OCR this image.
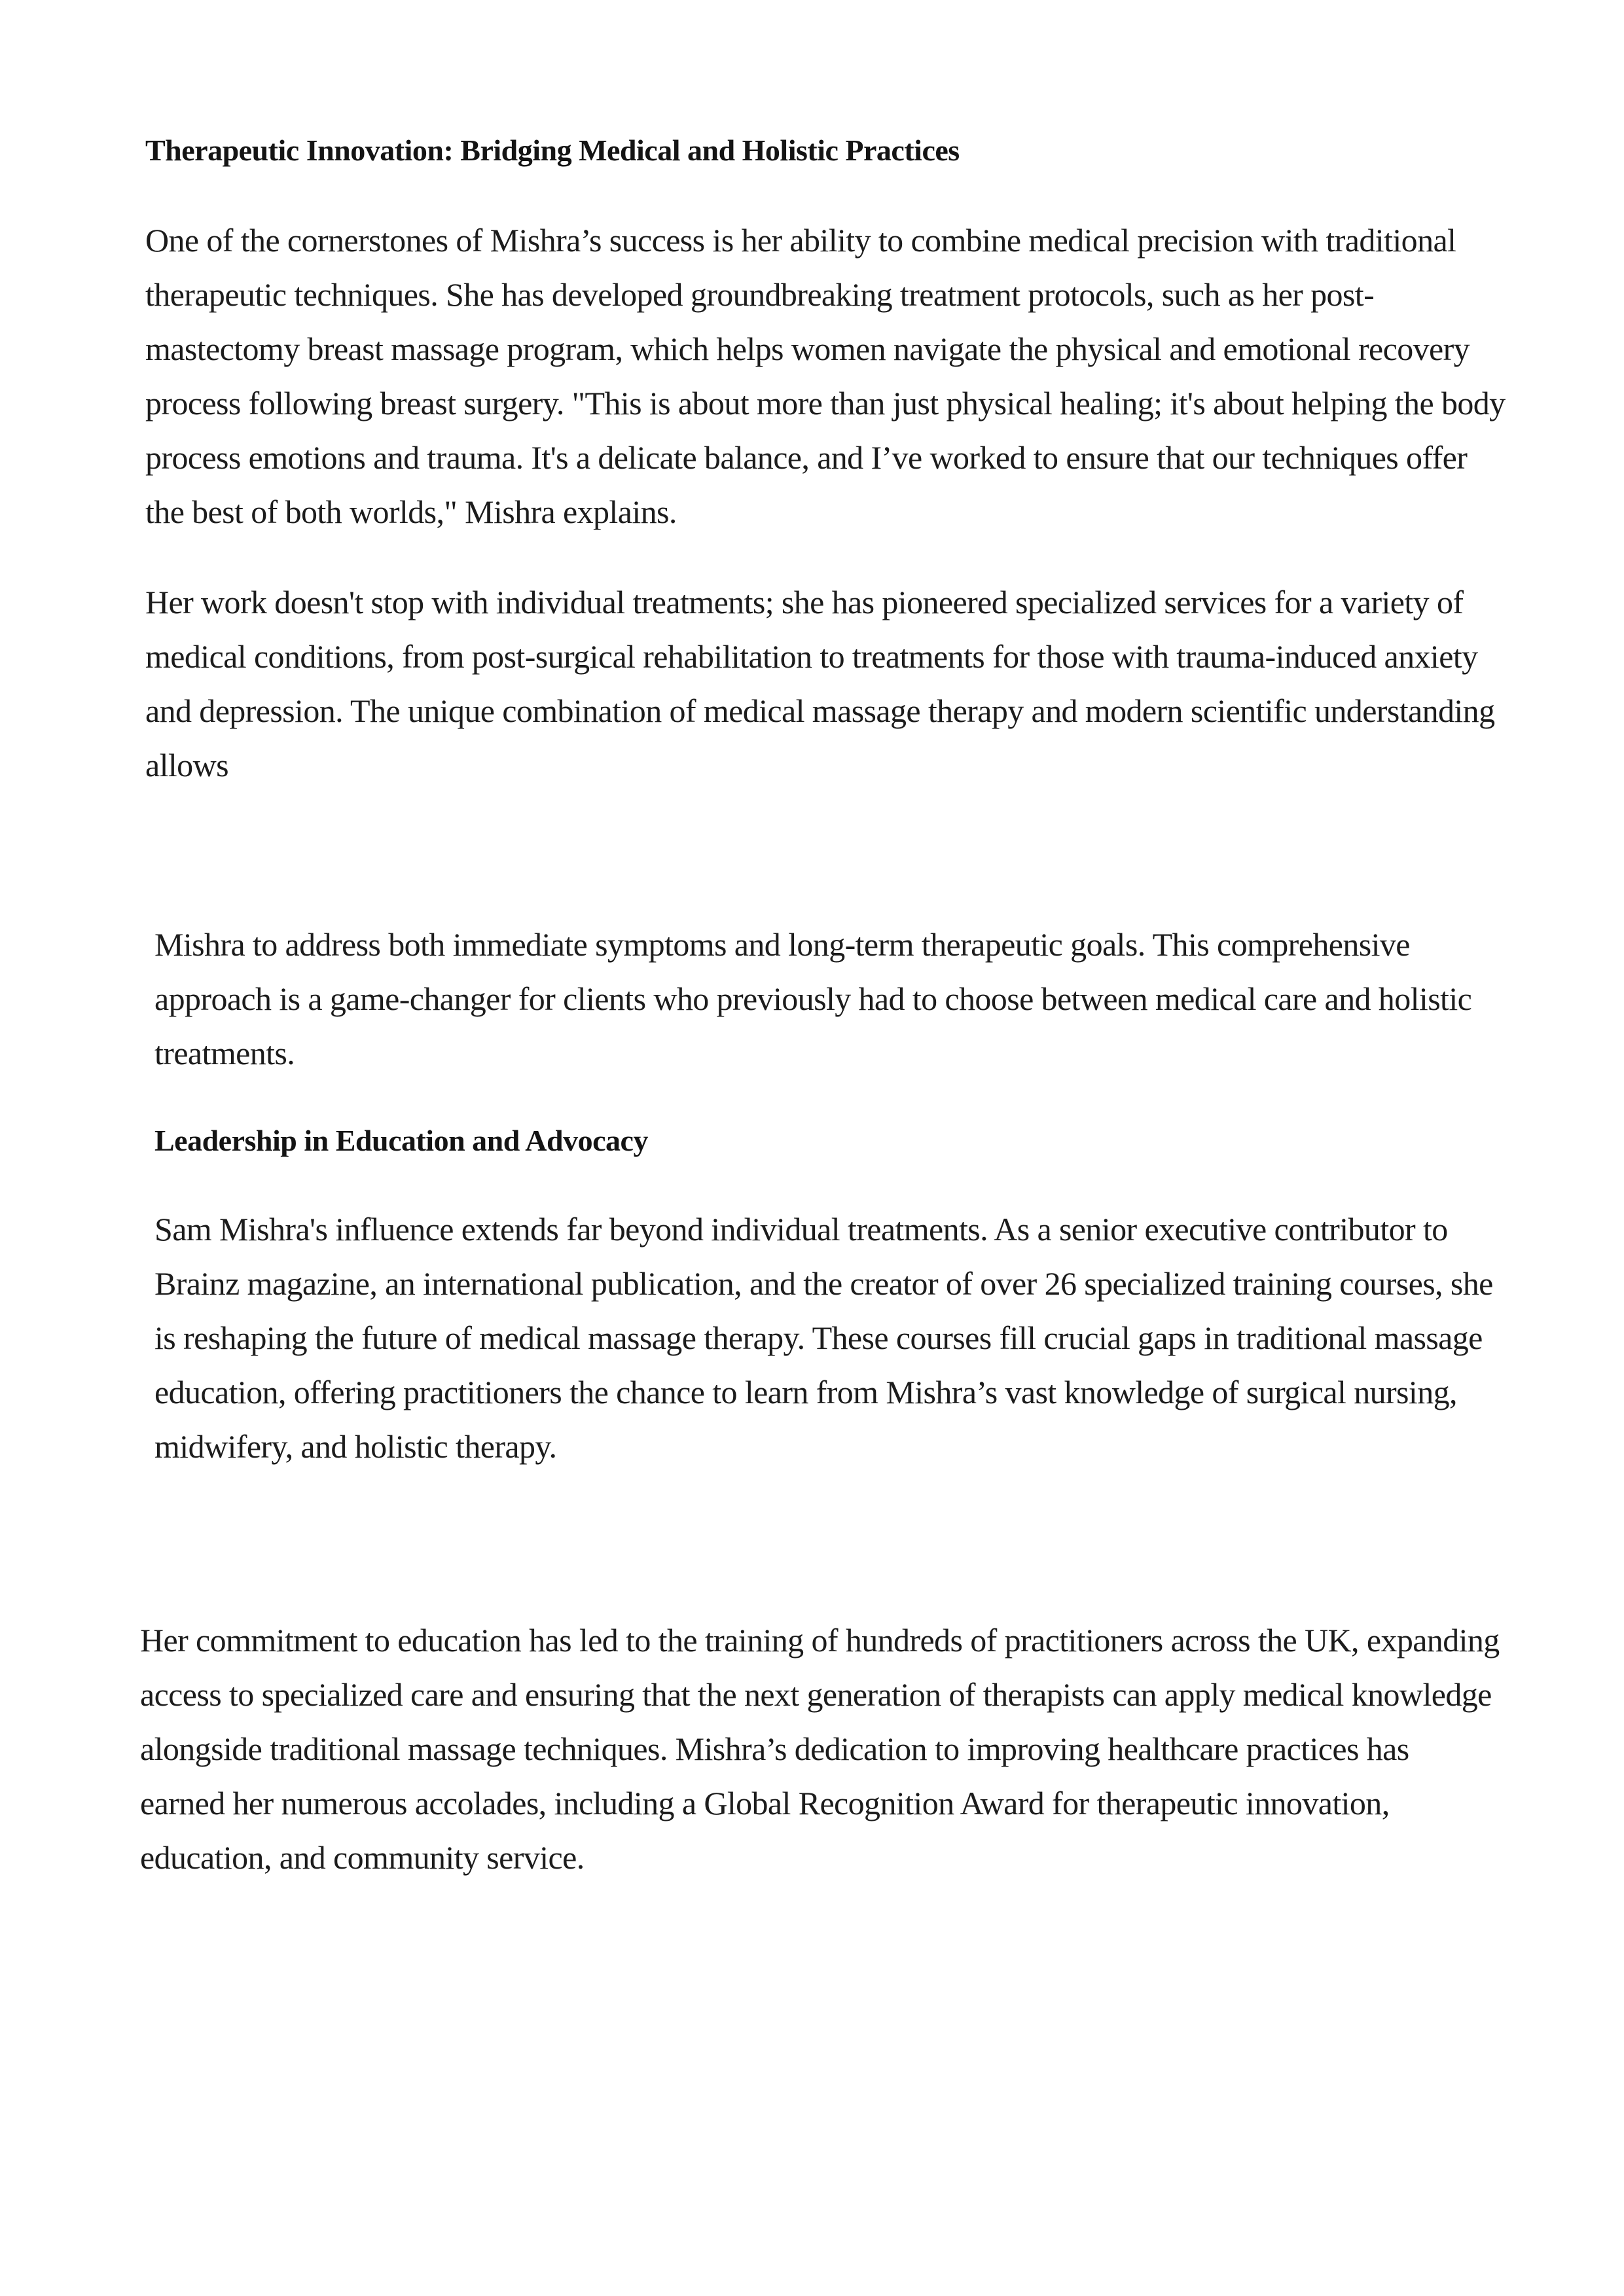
Therapeutic Innovation: Bridging Medical and Holistic Practices

One of the cornerstones of Mishra’s success is her ability to combine medical precision with traditional therapeutic techniques. She has developed groundbreaking treatment protocols, such as her post-mastectomy breast massage program, which helps women navigate the physical and emotional recovery process following breast surgery. "This is about more than just physical healing; it's about helping the body process emotions and trauma. It's a delicate balance, and I’ve worked to ensure that our techniques offer the best of both worlds," Mishra explains.

Her work doesn't stop with individual treatments; she has pioneered specialized services for a variety of medical conditions, from post-surgical rehabilitation to treatments for those with trauma-induced anxiety and depression. The unique combination of medical massage therapy and modern scientific understanding allows

Mishra to address both immediate symptoms and long-term therapeutic goals. This comprehensive approach is a game-changer for clients who previously had to choose between medical care and holistic treatments.

Leadership in Education and Advocacy

Sam Mishra's influence extends far beyond individual treatments. As a senior executive contributor to Brainz magazine, an international publication, and the creator of over 26 specialized training courses, she is reshaping the future of medical massage therapy. These courses fill crucial gaps in traditional massage education, offering practitioners the chance to learn from Mishra’s vast knowledge of surgical nursing, midwifery, and holistic therapy.

Her commitment to education has led to the training of hundreds of practitioners across the UK, expanding access to specialized care and ensuring that the next generation of therapists can apply medical knowledge alongside traditional massage techniques. Mishra’s dedication to improving healthcare practices has earned her numerous accolades, including a Global Recognition Award for therapeutic innovation, education, and community service.
